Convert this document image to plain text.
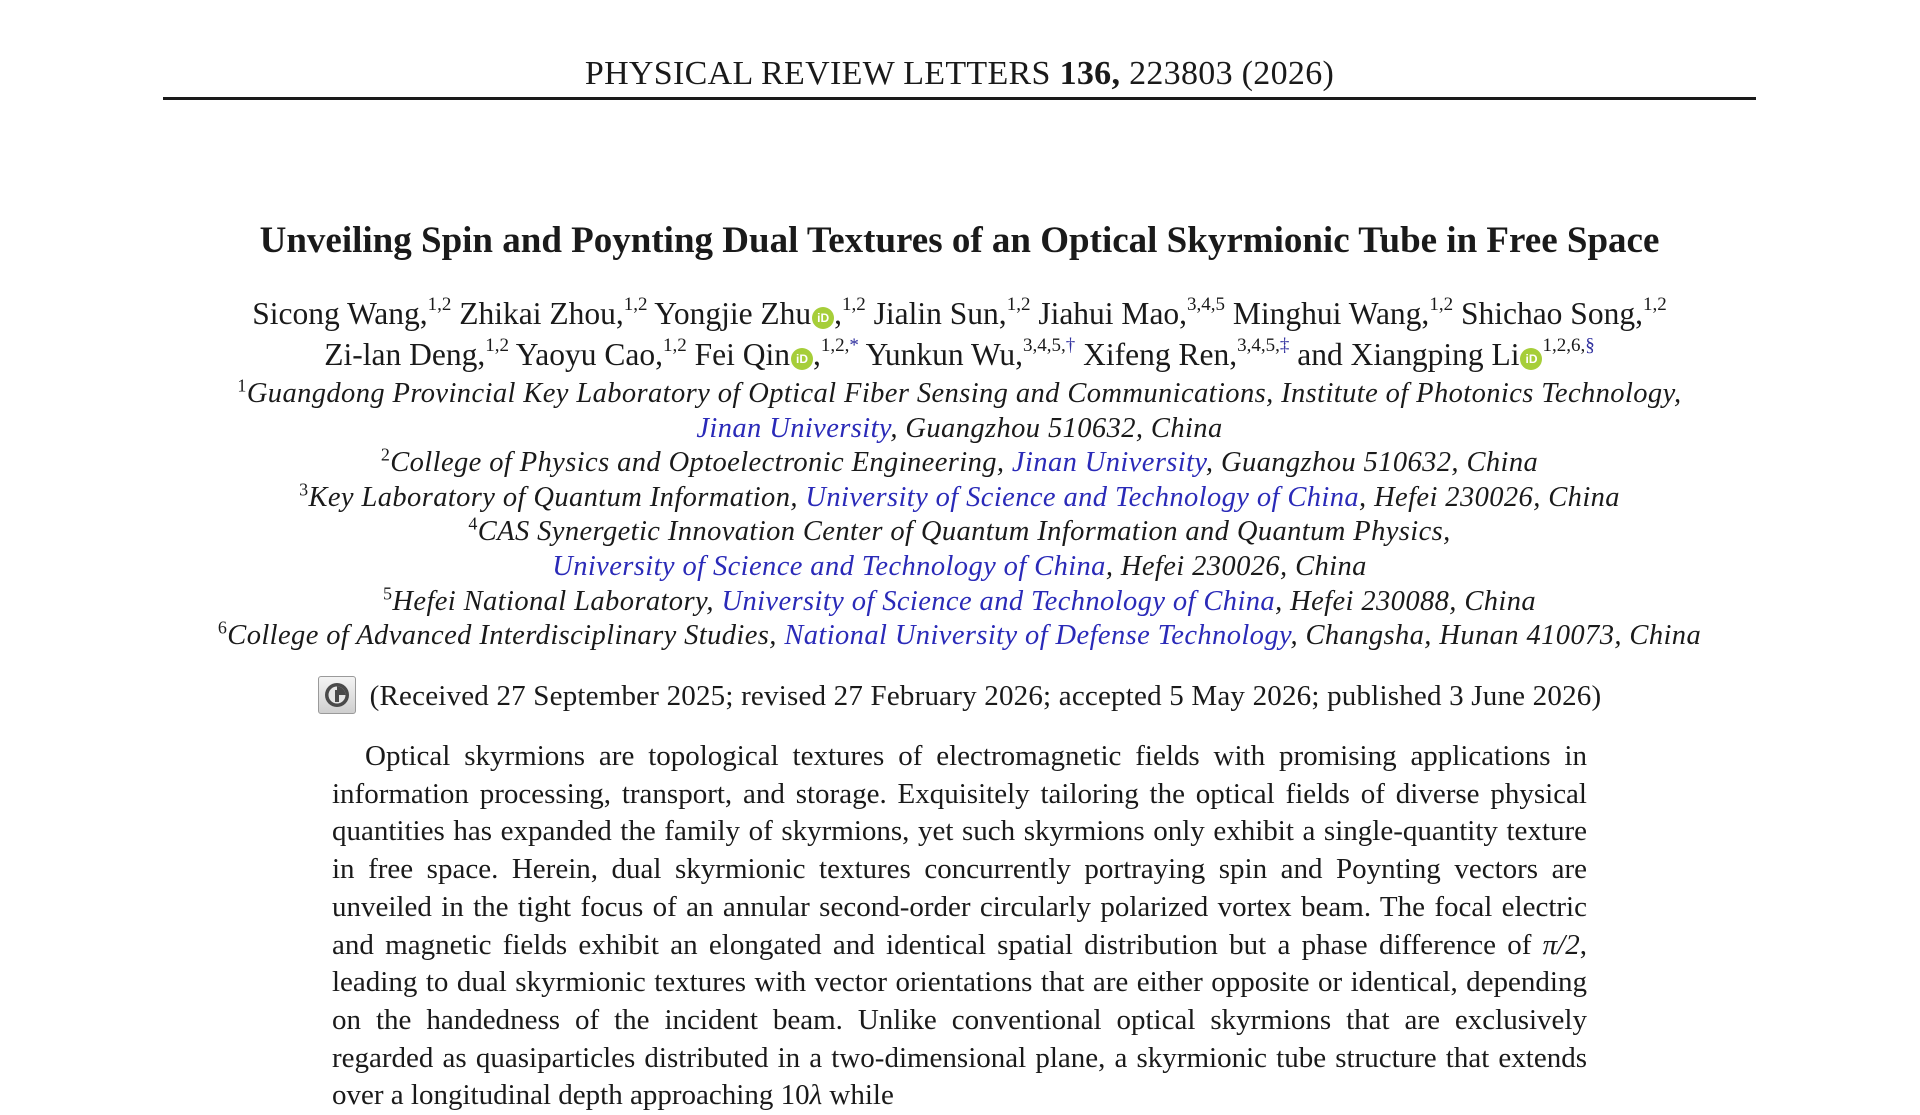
PHYSICAL REVIEW LETTERS 136, 223803 (2026)
Unveiling Spin and Poynting Dual Textures of an Optical Skyrmionic Tube in Free Space
Sicong Wang,$^{1,2}$ Zhikai Zhou,$^{1,2}$ Yongjie Zhu iD ,$^{1,2}$ Jialin Sun,$^{1,2}$ Jiahui Mao,$^{3,4,5}$ Minghui Wang,$^{1,2}$ Shichao Song,$^{1,2}$
Zi-lan Deng,$^{1,2}$ Yaoyu Cao,$^{1,2}$ Fei Qin iD ,$^{1,2,*}$ Yunkun Wu,$^{3,4,5,\dagger}$ Xifeng Ren,$^{3,4,5,\ddagger}$ and Xiangping Li $iD^{1,2,6,\S}$
$^1$Guangdong Provincial Key Laboratory of Optical Fiber Sensing and Communications, Institute of Photonics Technology,
Jinan University, Guangzhou 510632, China
$^2$College of Physics and Optoelectronic Engineering, Jinan University, Guangzhou 510632, China
$^3$Key Laboratory of Quantum Information, University of Science and Technology of China, Hefei 230026, China
$^4$CAS Synergetic Innovation Center of Quantum Information and Quantum Physics,
University of Science and Technology of China, Hefei 230026, China
$^5$Hefei National Laboratory, University of Science and Technology of China, Hefei 230088, China
$^6$College of Advanced Interdisciplinary Studies, National University of Defense Technology, Changsha, Hunan 410073, China
(Received 27 September 2025; revised 27 February 2026; accepted 5 May 2026; published 3 June 2026)

Optical skyrmions are topological textures of electromagnetic fields with promising applications in information processing, transport, and storage. Exquisitely tailoring the optical fields of diverse physical quantities has expanded the family of skyrmions, yet such skyrmions only exhibit a single-quantity texture in free space. Herein, dual skyrmionic textures concurrently portraying spin and Poynting vectors are unveiled in the tight focus of an annular second-order circularly polarized vortex beam. The focal electric and magnetic fields exhibit an elongated and identical spatial distribution but a phase difference of π/2, leading to dual skyrmionic textures with vector orientations that are either opposite or identical, depending on the handedness of the incident beam. Unlike conventional optical skyrmions that are exclusively regarded as quasiparticles distributed in a two-dimensional plane, a skyrmionic tube structure that extends over a longitudinal depth approaching 10λ while
